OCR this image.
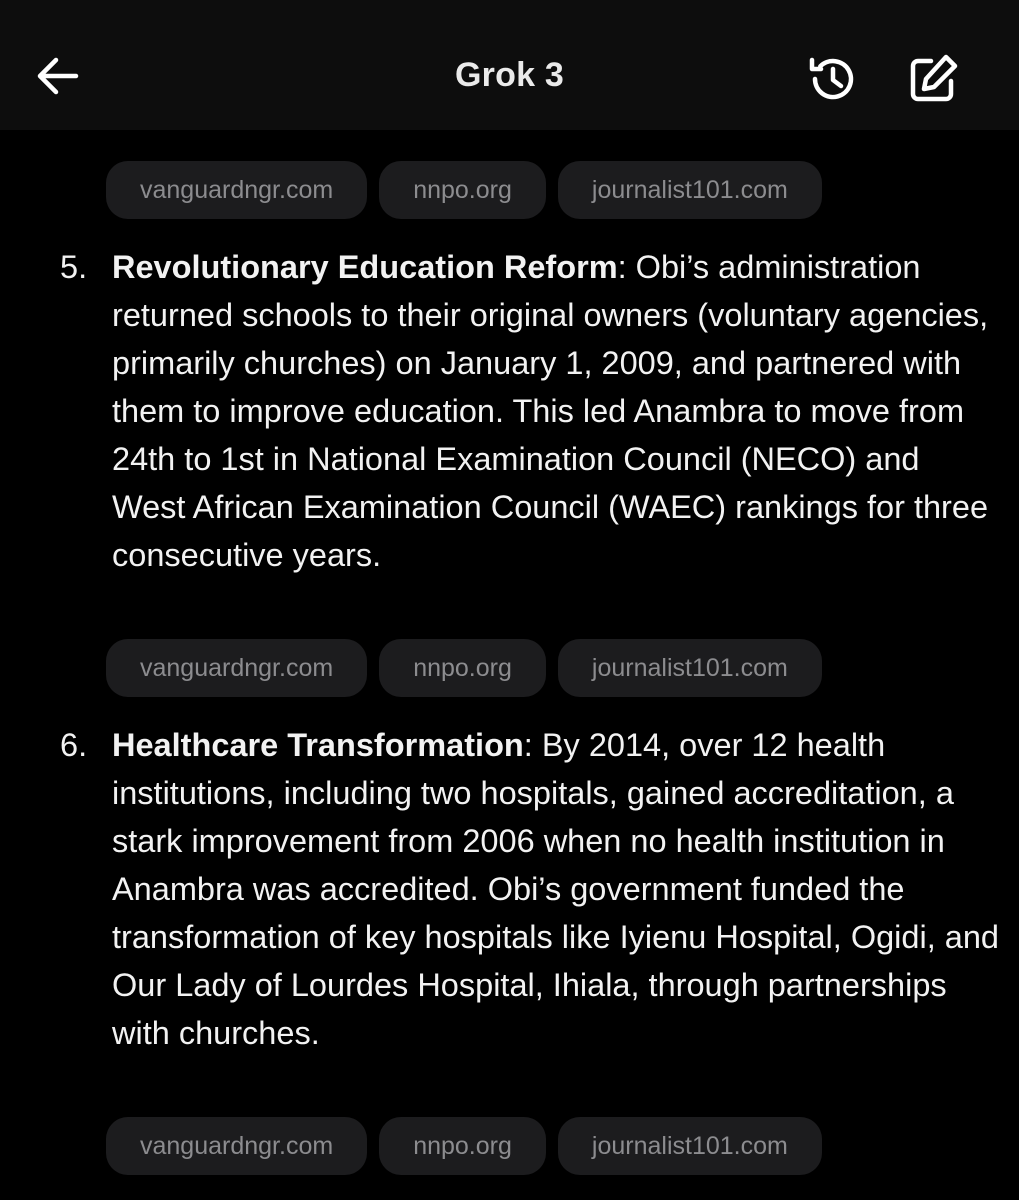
Grok 3
vanguardngr.com	nnpo.org	journalist101.com
5. Revolutionary Education Reform: Obi’s administration returned schools to their original owners (voluntary agencies, primarily churches) on January 1, 2009, and partnered with them to improve education. This led Anambra to move from 24th to 1st in National Examination Council (NECO) and West African Examination Council (WAEC) rankings for three consecutive years.
vanguardngr.com	nnpo.org	journalist101.com
6. Healthcare Transformation: By 2014, over 12 health institutions, including two hospitals, gained accreditation, a stark improvement from 2006 when no health institution in Anambra was accredited. Obi’s government funded the transformation of key hospitals like Iyienu Hospital, Ogidi, and Our Lady of Lourdes Hospital, Ihiala, through partnerships with churches.
vanguardngr.com	nnpo.org	journalist101.com
